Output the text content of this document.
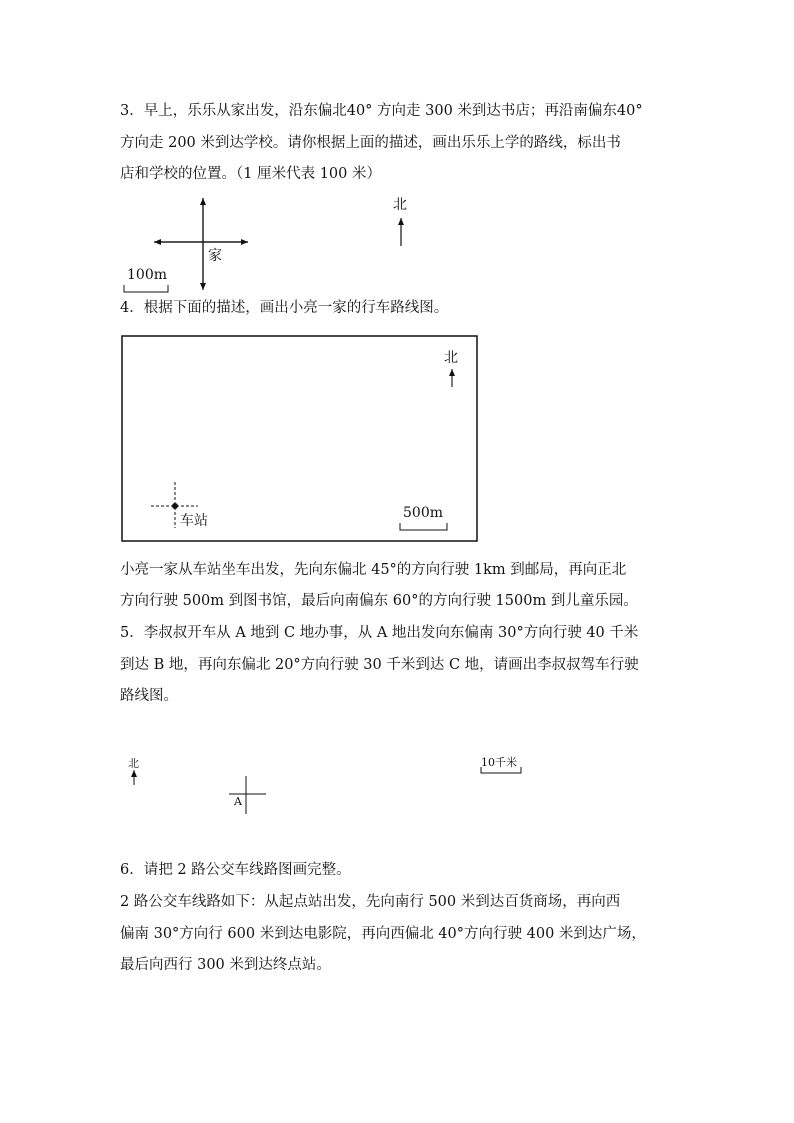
3．早上，乐乐从家出发，沿东偏北40° 方向走 300 米到达书店；再沿南偏东40°
方向走 200 米到达学校。请你根据上面的描述，画出乐乐上学的路线，标出书
店和学校的位置。（1 厘米代表 100 米）
家
北
100m
4．根据下面的描述，画出小亮一家的行车路线图。
北
车站	500m
小亮一家从车站坐车出发，先向东偏北 45°的方向行驶 1km 到邮局，再向正北
方向行驶 500m 到图书馆，最后向南偏东 60°的方向行驶 1500m 到儿童乐园。
5．李叔叔开车从 A 地到 C 地办事，从 A 地出发向东偏南 30°方向行驶 40 千米
到达 B 地，再向东偏北 20°方向行驶 30 千米到达 C 地，请画出李叔叔驾车行驶
路线图。
北
A
10千米
6．请把 2 路公交车线路图画完整。
2 路公交车线路如下：从起点站出发，先向南行 500 米到达百货商场，再向西
偏南 30°方向行 600 米到达电影院，再向西偏北 40°方向行驶 400 米到达广场，
最后向西行 300 米到达终点站。
